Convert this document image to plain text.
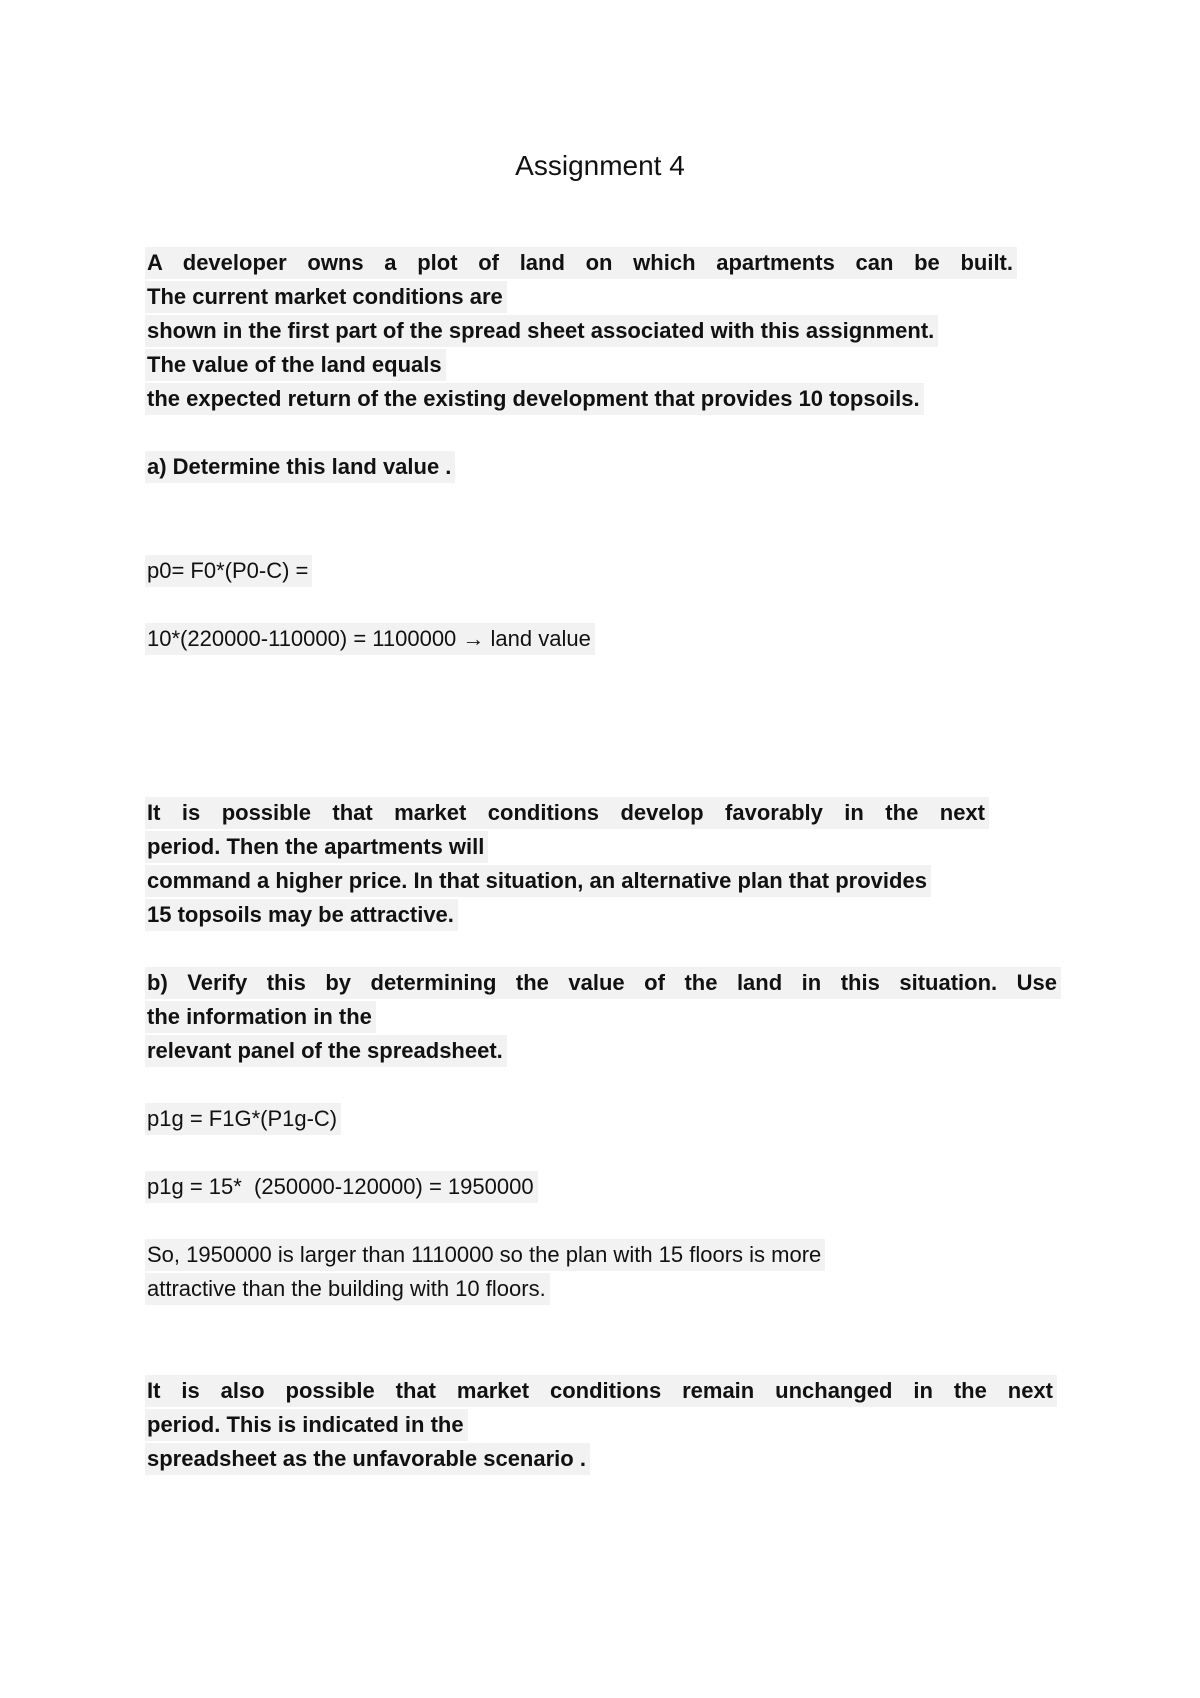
Assignment 4
A developer owns a plot of land on which apartments can be built.
The current market conditions are
shown in the first part of the spread sheet associated with this assignment.
The value of the land equals
the expected return of the existing development that provides 10 topsoils.
a) Determine this land value .
p0= F0*(P0-C) =
10*(220000-110000) = 1100000 → land value
It is possible that market conditions develop favorably in the next
period. Then the apartments will
command a higher price. In that situation, an alternative plan that provides
15 topsoils may be attractive.
b) Verify this by determining the value of the land in this situation. Use
the information in the
relevant panel of the spreadsheet.
p1g = F1G*(P1g-C)
p1g = 15*  (250000-120000) = 1950000
So, 1950000 is larger than 1110000 so the plan with 15 floors is more
attractive than the building with 10 floors.
It is also possible that market conditions remain unchanged in the next
period. This is indicated in the
spreadsheet as the unfavorable scenario .
